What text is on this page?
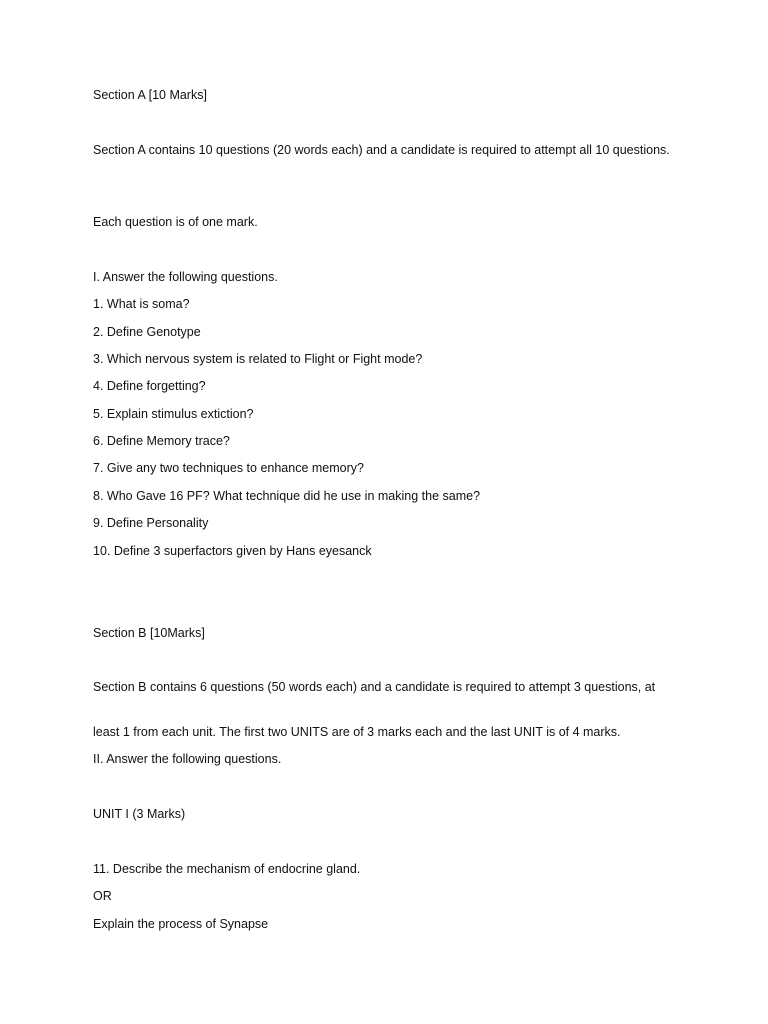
Section A [10 Marks]
Section A contains 10 questions (20 words each) and a candidate is required to attempt all 10 questions.
Each question is of one mark.
I. Answer the following questions.
1. What is soma?
2. Define Genotype
3. Which nervous system is related to Flight or Fight mode?
4. Define forgetting?
5. Explain stimulus extiction?
6. Define Memory trace?
7. Give any two techniques to enhance memory?
8. Who Gave 16 PF? What technique did he use in making the same?
9. Define Personality
10. Define 3 superfactors given by Hans eyesanck
Section B [10Marks]
Section B contains 6 questions (50 words each) and a candidate is required to attempt 3 questions, at
least 1 from each unit. The first two UNITS are of 3 marks each and the last UNIT is of 4 marks.
II. Answer the following questions.
UNIT I (3 Marks)
11. Describe the mechanism of endocrine gland.
OR
Explain the process of Synapse
